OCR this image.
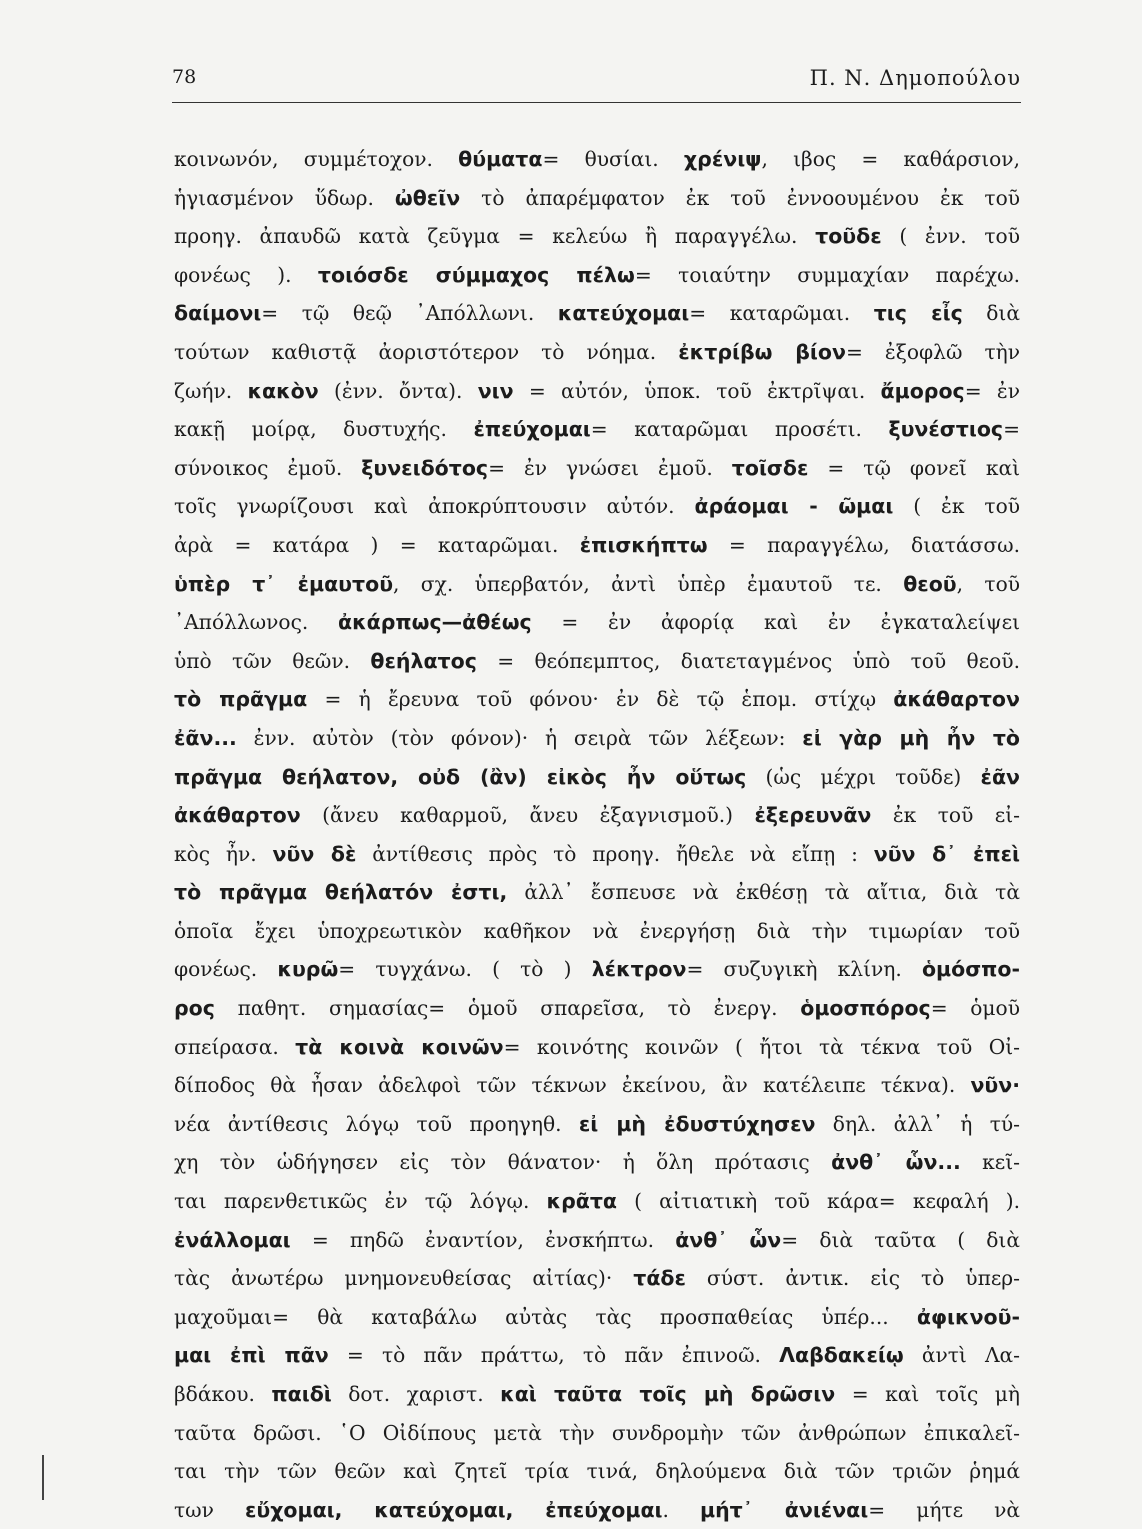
78	Π. Ν. Δημοπούλου
κοινωνόν, συμμέτοχον. θύματα= θυσίαι. χρένιψ, ιβος = καθάρσιον,
ἡγιασμένον ὕδωρ. ὠθεῖν τὸ ἀπαρέμφατον ἐκ τοῦ ἐννοουμένου ἐκ τοῦ
προηγ. ἀπαυδῶ κατὰ ζεῦγμα = κελεύω ἢ παραγγέλω. τοῦδε ( ἐνν. τοῦ
φονέως ). τοιόσδε σύμμαχος πέλω= τοιαύτην συμμαχίαν παρέχω.
δαίμονι= τῷ θεῷ ᾿Απόλλωνι. κατεύχομαι= καταρῶμαι. τις εἶς διὰ
τούτων καθιστᾷ ἀοριστότερον τὸ νόημα. ἐκτρίβω βίον= ἐξοφλῶ τὴν
ζωήν. κακὸν (ἐνν. ὄντα). νιν = αὐτόν, ὑποκ. τοῦ ἐκτρῖψαι. ἄμορος= ἐν
κακῇ μοίρᾳ, δυστυχής. ἐπεύχομαι= καταρῶμαι προσέτι. ξυνέστιος=
σύνοικος ἐμοῦ. ξυνειδότος= ἐν γνώσει ἐμοῦ. τοῖσδε = τῷ φονεῖ καὶ
τοῖς γνωρίζουσι καὶ ἀποκρύπτουσιν αὐτόν. ἀράομαι - ῶμαι ( ἐκ τοῦ
ἀρὰ = κατάρα ) = καταρῶμαι. ἐπισκήπτω = παραγγέλω, διατάσσω.
ὑπὲρ τ᾿ ἐμαυτοῦ, σχ. ὑπερβατόν, ἀντὶ ὑπὲρ ἐμαυτοῦ τε. θεοῦ, τοῦ
᾿Απόλλωνος. ἀκάρπως—ἀθέως = ἐν ἀφορίᾳ καὶ ἐν ἐγκαταλείψει
ὑπὸ τῶν θεῶν. θεήλατος = θεόπεμπτος, διατεταγμένος ὑπὸ τοῦ θεοῦ.
τὸ πρᾶγμα = ἡ ἔρευνα τοῦ φόνου· ἐν δὲ τῷ ἑπομ. στίχῳ ἀκάθαρτον
ἐᾶν... ἐνν. αὐτὸν (τὸν φόνον)· ἡ σειρὰ τῶν λέξεων: εἰ γὰρ μὴ ἦν τὸ
πρᾶγμα θεήλατον, οὐδ (ἂν) εἰκὸς ἦν οὕτως (ὡς μέχρι τοῦδε) ἐᾶν
ἀκάθαρτον (ἄνευ καθαρμοῦ, ἄνευ ἐξαγνισμοῦ.) ἐξερευνᾶν ἐκ τοῦ εἰ-
κὸς ἦν. νῦν δὲ ἀντίθεσις πρὸς τὸ προηγ. ἤθελε νὰ εἴπῃ : νῦν δ᾿ ἐπεὶ
τὸ πρᾶγμα θεήλατόν ἐστι, ἀλλ᾿ ἔσπευσε νὰ ἐκθέσῃ τὰ αἴτια, διὰ τὰ
ὁποῖα ἔχει ὑποχρεωτικὸν καθῆκον νὰ ἐνεργήσῃ διὰ τὴν τιμωρίαν τοῦ
φονέως. κυρῶ= τυγχάνω. ( τὸ ) λέκτρον= συζυγικὴ κλίνη. ὁμόσπο-
ρος παθητ. σημασίας= ὁμοῦ σπαρεῖσα, τὸ ἐνεργ. ὁμοσπόρος= ὁμοῦ
σπείρασα. τὰ κοινὰ κοινῶν= κοινότης κοινῶν ( ἤτοι τὰ τέκνα τοῦ Οἰ-
δίποδος θὰ ἦσαν ἀδελφοὶ τῶν τέκνων ἐκείνου, ἂν κατέλειπε τέκνα). νῦν·
νέα ἀντίθεσις λόγῳ τοῦ προηγηθ. εἰ μὴ ἐδυστύχησεν δηλ. ἀλλ᾿ ἡ τύ-
χη τὸν ὡδήγησεν εἰς τὸν θάνατον· ἡ ὅλη πρότασις ἀνθ᾿ ὧν... κεῖ-
ται παρενθετικῶς ἐν τῷ λόγῳ. κρᾶτα ( αἰτιατικὴ τοῦ κάρα= κεφαλή ).
ἐνάλλομαι = πηδῶ ἐναντίον, ἐνσκήπτω. ἀνθ᾿ ὧν= διὰ ταῦτα ( διὰ
τὰς ἀνωτέρω μνημονευθείσας αἰτίας)· τάδε σύστ. ἀντικ. εἰς τὸ ὑπερ-
μαχοῦμαι= θὰ καταβάλω αὐτὰς τὰς προσπαθείας ὑπέρ... ἀφικνοῦ-
μαι ἐπὶ πᾶν = τὸ πᾶν πράττω, τὸ πᾶν ἐπινοῶ. Λαβδακείῳ ἀντὶ Λα-
βδάκου. παιδὶ δοτ. χαριστ. καὶ ταῦτα τοῖς μὴ δρῶσιν = καὶ τοῖς μὴ
ταῦτα δρῶσι. ῾Ο Οἰδίπους μετὰ τὴν συνδρομὴν τῶν ἀνθρώπων ἐπικαλεῖ-
ται τὴν τῶν θεῶν καὶ ζητεῖ τρία τινά, δηλούμενα διὰ τῶν τριῶν ῥημά
των εὔχομαι, κατεύχομαι, ἐπεύχομαι. μήτ᾿ ἀνιέναι= μήτε νὰ
